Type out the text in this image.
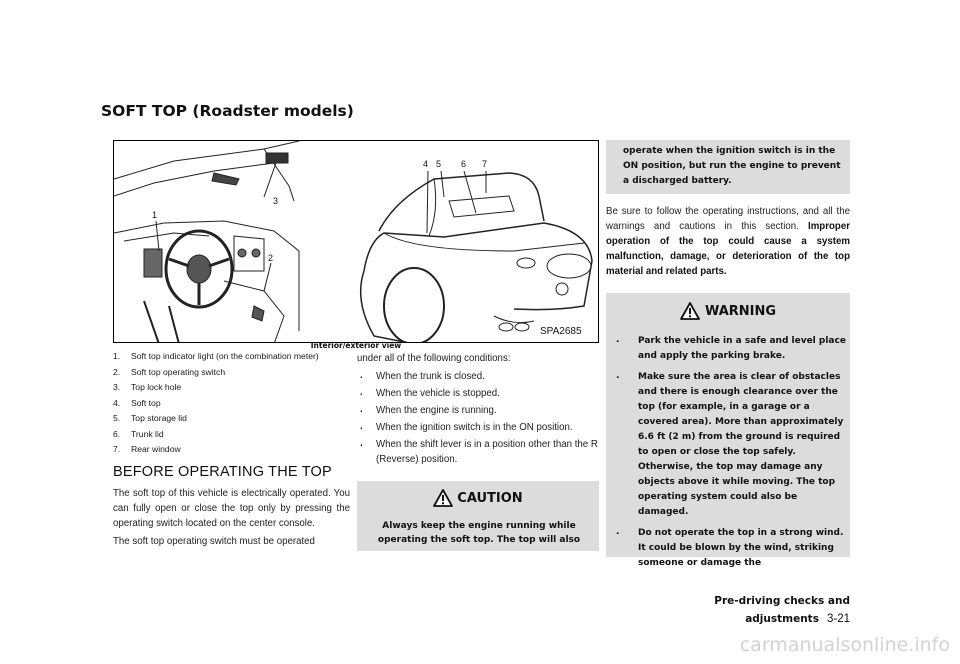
SOFT TOP (Roadster models)
1
2
3
4 5 6 7
SPA2685
Interior/exterior view
1. Soft top indicator light (on the combination meter)
2. Soft top operating switch
3. Top lock hole
4. Soft top
5. Top storage lid
6. Trunk lid
7. Rear window
BEFORE OPERATING THE TOP

The soft top of this vehicle is electrically operated. You can fully open or close the top only by pressing the operating switch located on the center console.

The soft top operating switch must be operated

under all of the following conditions:
. When the trunk is closed.
. When the vehicle is stopped.
. When the engine is running.
. When the ignition switch is in the ON position.
. When the shift lever is in a position other than the R (Reverse) position.
CAUTION
Always keep the engine running while operating the soft top. The top will also
operate when the ignition switch is in the ON position, but run the engine to prevent a discharged battery.
Be sure to follow the operating instructions, and all the warnings and cautions in this section. Improper operation of the top could cause a system malfunction, damage, or deterioration of the top material and related parts.
WARNING
. Park the vehicle in a safe and level place and apply the parking brake.
. Make sure the area is clear of obstacles and there is enough clearance over the top (for example, in a garage or a covered area). More than approximately 6.6 ft (2 m) from the ground is required to open or close the top safely. Otherwise, the top may damage any objects above it while moving. The top operating system could also be damaged.
. Do not operate the top in a strong wind. It could be blown by the wind, striking someone or damage the
Pre-driving checks and adjustments 3-21
carmanualsonline.info
